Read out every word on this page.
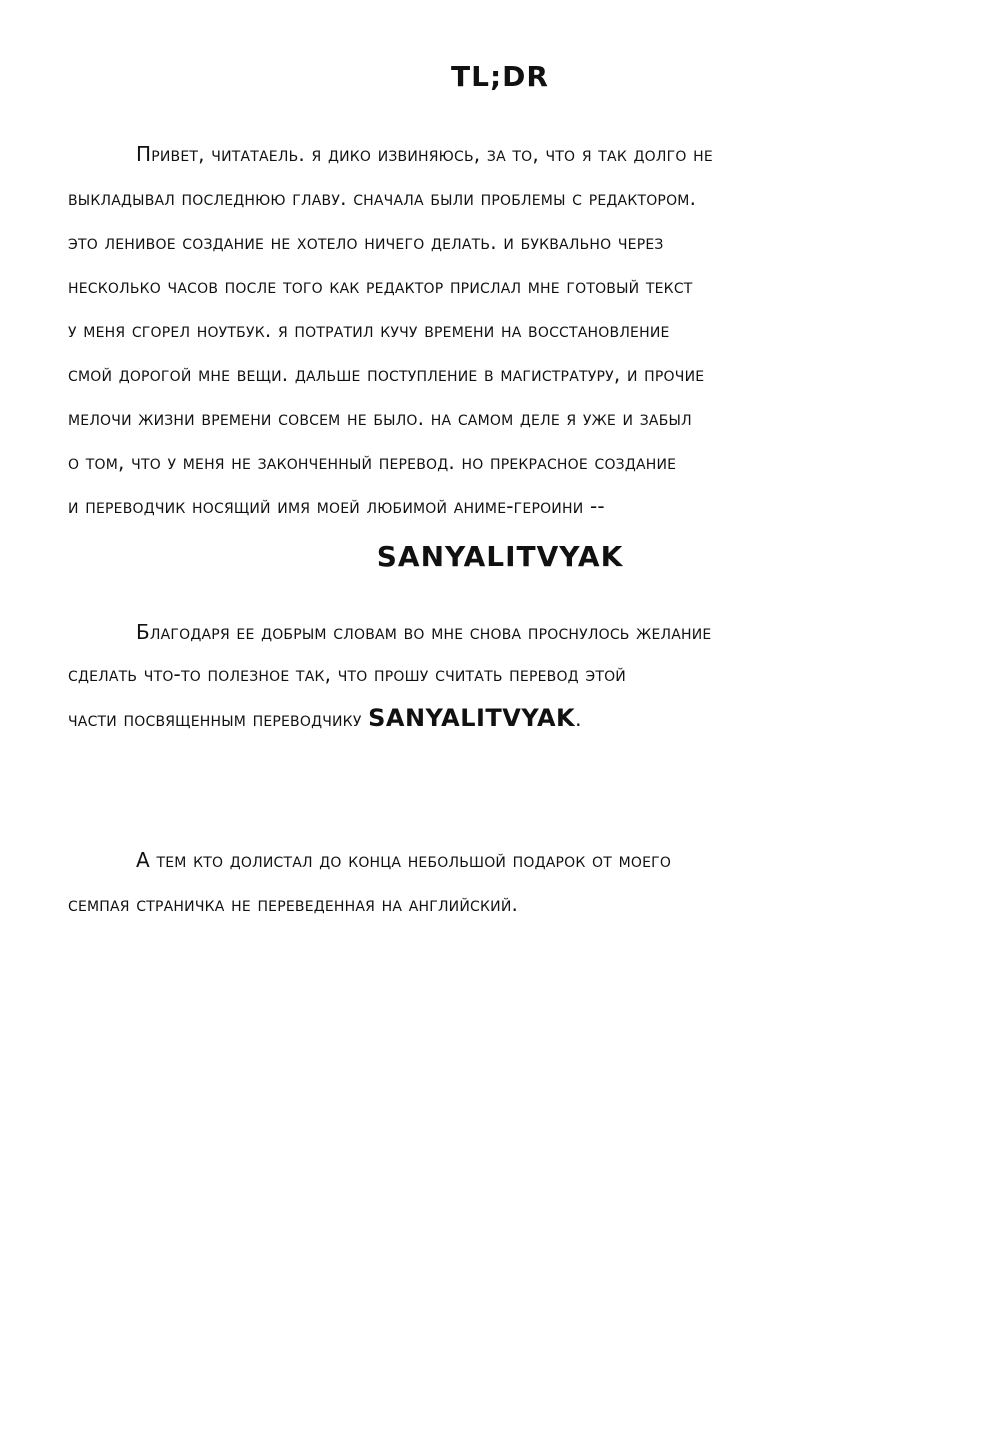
TL;DR

Привет, читатаель. я дико извиняюсь, за то, что я так долго не

выкладывал последнюю главу. сначала были проблемы с редактором.

это ленивое создание не хотело ничего делать. и буквально через

несколько часов после того как редактор прислал мне готовый текст

у меня сгорел ноутбук. я потратил кучу времени на восстановление

смой дорогой мне вещи. дальше поступление в магистратуру, и прочие

мелочи жизни времени совсем не было. на самом деле я уже и забыл

о том, что у меня не законченный перевод. но прекрасное создание

и переводчик носящий имя моей любимой аниме-героини --

SANYALITVYAK

Благодаря ее добрым словам во мне снова проснулось желание

сделать что-то полезное так, что прошу считать перевод этой

части посвященным переводчику SANYALITVYAK.

А тем кто долистал до конца небольшой подарок от моего

семпая страничка не переведенная на английский.
